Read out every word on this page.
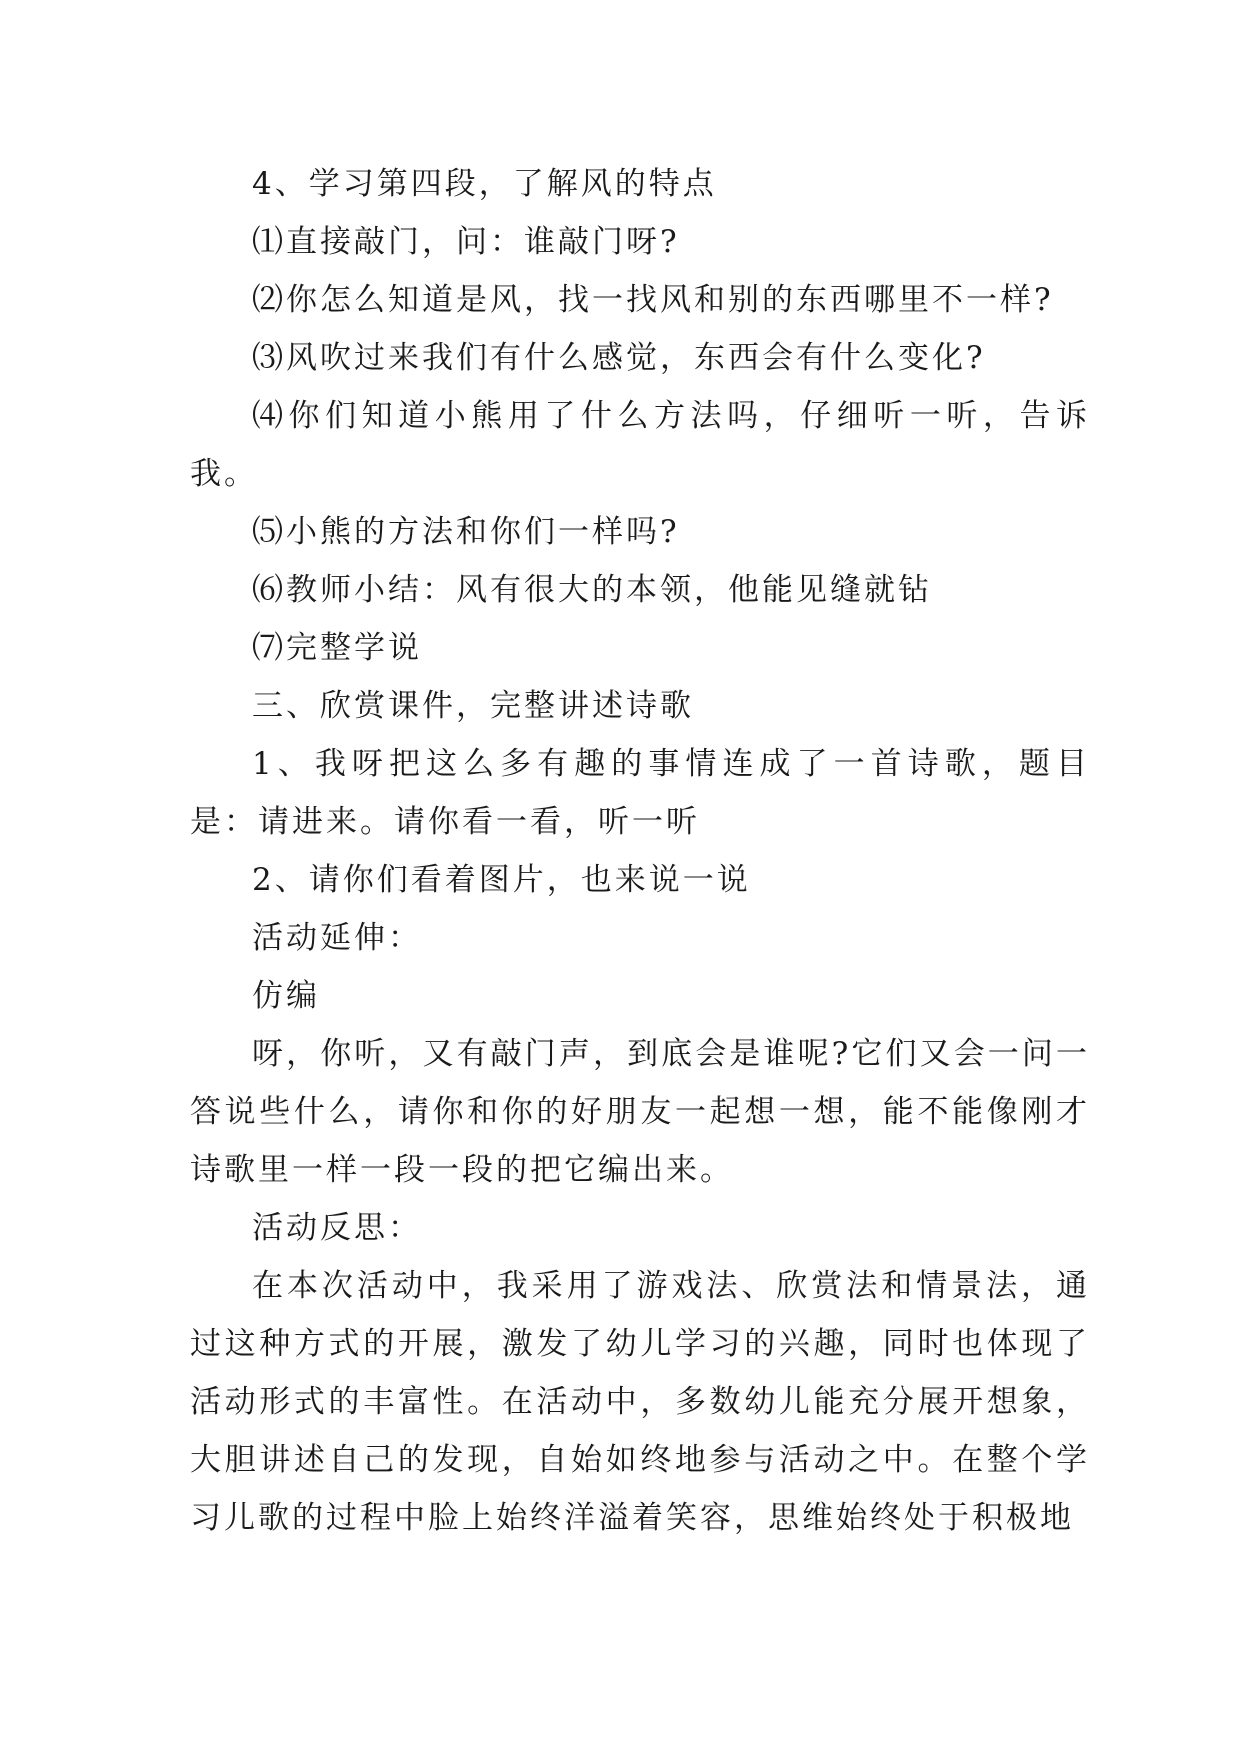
4、学习第四段，了解风的特点

⑴直接敲门，问：谁敲门呀?

⑵你怎么知道是风，找一找风和别的东西哪里不一样?

⑶风吹过来我们有什么感觉，东西会有什么变化?

⑷你们知道小熊用了什么方法吗，仔细听一听，告诉我。

⑸小熊的方法和你们一样吗?

⑹教师小结：风有很大的本领，他能见缝就钻

⑺完整学说

三、欣赏课件，完整讲述诗歌

1、我呀把这么多有趣的事情连成了一首诗歌，题目是：请进来。请你看一看，听一听

2、请你们看着图片，也来说一说

活动延伸：

仿编

呀，你听，又有敲门声，到底会是谁呢?它们又会一问一答说些什么，请你和你的好朋友一起想一想，能不能像刚才诗歌里一样一段一段的把它编出来。

活动反思：

在本次活动中，我采用了游戏法、欣赏法和情景法，通过这种方式的开展，激发了幼儿学习的兴趣，同时也体现了活动形式的丰富性。在活动中，多数幼儿能充分展开想象，大胆讲述自己的发现，自始如终地参与活动之中。在整个学习儿歌的过程中脸上始终洋溢着笑容，思维始终处于积极地
